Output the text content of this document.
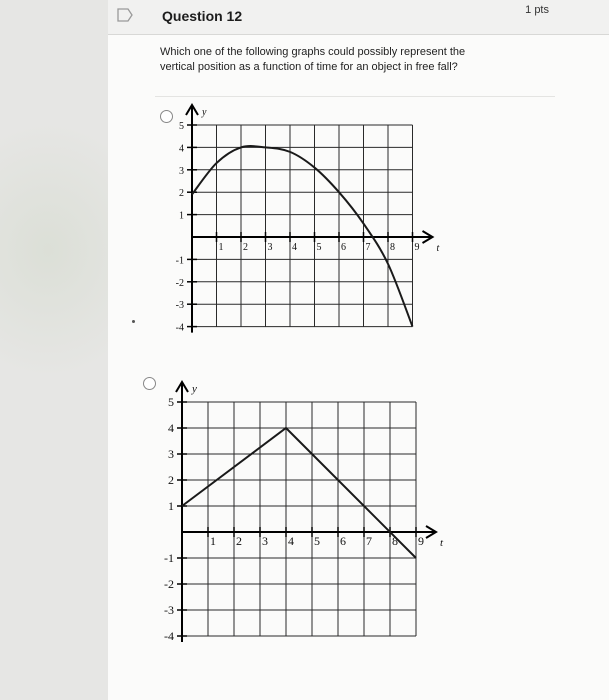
Question 12	1 pts
Which one of the following graphs could possibly represent the
vertical position as a function of time for an object in free fall?
5
4
3
2
1
-1
-2
-3
-4
1 2 3 4 5 6 7 8 9
y
t
5
4
3
2
1
-1
-2
-3
-4
1 2 3 4 5 6 7 8 9
y
t
